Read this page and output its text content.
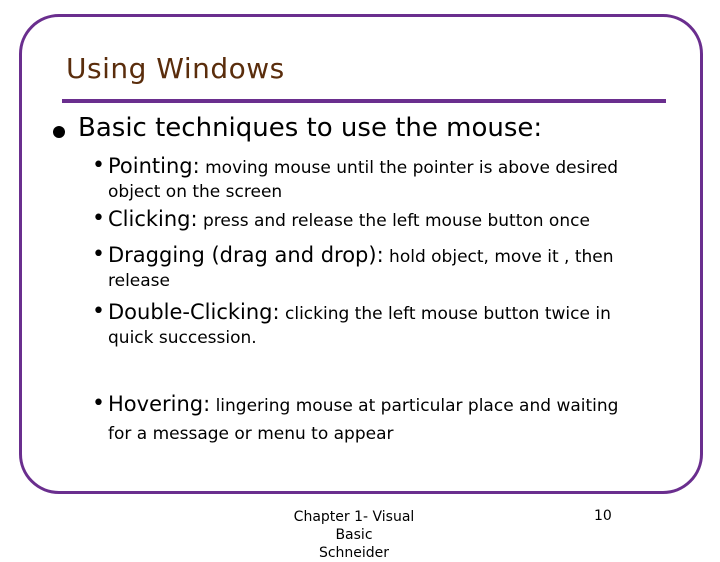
Using Windows
Basic techniques to use the mouse:
• Pointing: moving mouse until the pointer is above desired
object on the screen
• Clicking: press and release the left mouse button once
• Dragging (drag and drop): hold object, move it , then
release
• Double-Clicking: clicking the left mouse button twice in
quick succession.
• Hovering: lingering mouse at particular place and waiting
for a message or menu to appear
Chapter 1- Visual Basic
Schneider
10
